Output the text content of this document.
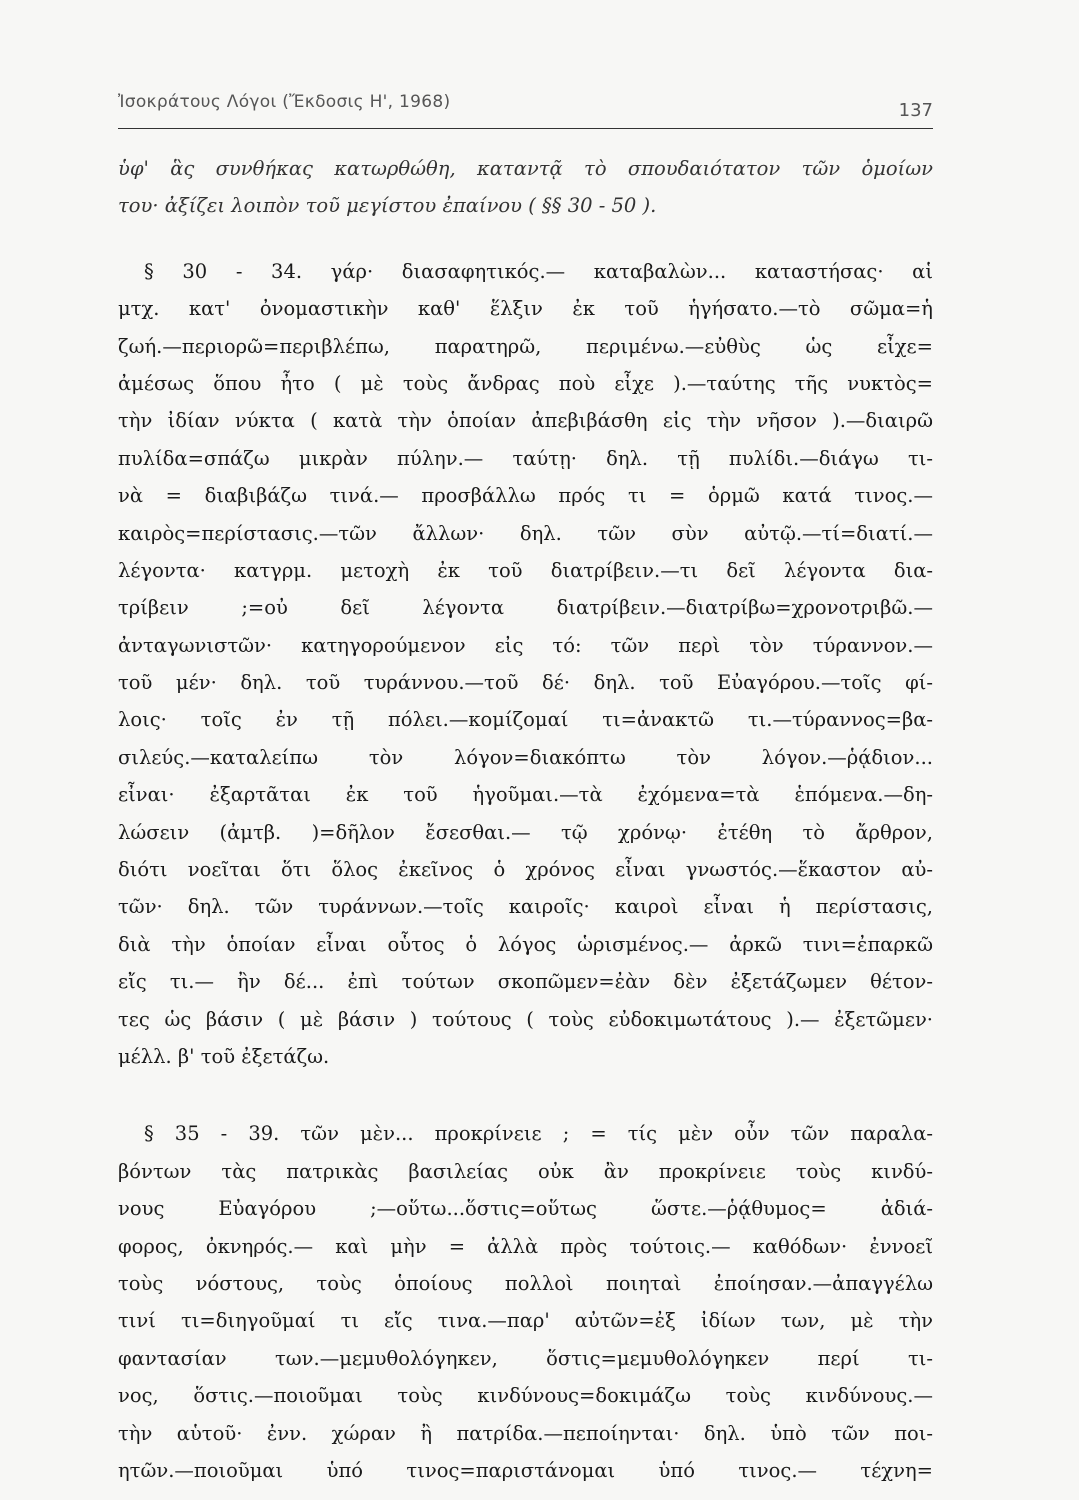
Ἰσοκράτους Λόγοι (Ἔκδοσις Η', 1968)	137
ὑφ' ἃς συνθήκας κατωρθώθη, καταντᾷ τὸ σπουδαιότατον τῶν ὁμοίων
του· ἀξίζει λοιπὸν τοῦ μεγίστου ἐπαίνου ( §§ 30 - 50 ).
§ 30 - 34. γάρ· διασαφητικός.— καταβαλὼν... καταστήσας· αἱ
μτχ. κατ' ὀνομαστικὴν καθ' ἕλξιν ἐκ τοῦ ἡγήσατο.—τὸ σῶμα=ἡ
ζωή.—περιορῶ=περιβλέπω, παρατηρῶ, περιμένω.—εὐθὺς ὡς εἶχε=
ἀμέσως ὅπου ἦτο ( μὲ τοὺς ἄνδρας ποὺ εἶχε ).—ταύτης τῆς νυκτὸς=
τὴν ἰδίαν νύκτα ( κατὰ τὴν ὁποίαν ἀπεβιβάσθη εἰς τὴν νῆσον ).—διαιρῶ
πυλίδα=σπάζω μικρὰν πύλην.— ταύτῃ· δηλ. τῇ πυλίδι.—διάγω τι-
νὰ = διαβιβάζω τινά.— προσβάλλω πρός τι = ὁρμῶ κατά τινος.—
καιρὸς=περίστασις.—τῶν ἄλλων· δηλ. τῶν σὺν αὐτῷ.—τί=διατί.—
λέγοντα· κατγρμ. μετοχὴ ἐκ τοῦ διατρίβειν.—τι δεῖ λέγοντα δια-
τρίβειν ;=οὐ δεῖ λέγοντα διατρίβειν.—διατρίβω=χρονοτριβῶ.—
ἀνταγωνιστῶν· κατηγορούμενον εἰς τό: τῶν περὶ τὸν τύραννον.—
τοῦ μέν· δηλ. τοῦ τυράννου.—τοῦ δέ· δηλ. τοῦ Εὐαγόρου.—τοῖς φί-
λοις· τοῖς ἐν τῇ πόλει.—κομίζομαί τι=ἀνακτῶ τι.—τύραννος=βα-
σιλεύς.—καταλείπω τὸν λόγον=διακόπτω τὸν λόγον.—ῥᾴδιον...
εἶναι· ἐξαρτᾶται ἐκ τοῦ ἡγοῦμαι.—τὰ ἐχόμενα=τὰ ἑπόμενα.—δη-
λώσειν (ἀμτβ. )=δῆλον ἔσεσθαι.— τῷ χρόνῳ· ἐτέθη τὸ ἄρθρον,
διότι νοεῖται ὅτι ὅλος ἐκεῖνος ὁ χρόνος εἶναι γνωστός.—ἕκαστον αὐ-
τῶν· δηλ. τῶν τυράννων.—τοῖς καιροῖς· καιροὶ εἶναι ἡ περίστασις,
διὰ τὴν ὁποίαν εἶναι οὗτος ὁ λόγος ὡρισμένος.— ἀρκῶ τινι=ἐπαρκῶ
εἴς τι.— ἢν δέ... ἐπὶ τούτων σκοπῶμεν=ἐὰν δὲν ἐξετάζωμεν θέτον-
τες ὡς βάσιν ( μὲ βάσιν ) τούτους ( τοὺς εὐδοκιμωτάτους ).— ἐξετῶμεν·
μέλλ. β' τοῦ ἐξετάζω.
§ 35 - 39. τῶν μὲν... προκρίνειε ; = τίς μὲν οὖν τῶν παραλα-
βόντων τὰς πατρικὰς βασιλείας οὐκ ἂν προκρίνειε τοὺς κινδύ-
νους Εὐαγόρου ;—οὕτω...ὅστις=οὕτως ὥστε.—ῥᾴθυμος= ἀδιά-
φορος, ὀκνηρός.— καὶ μὴν = ἀλλὰ πρὸς τούτοις.— καθόδων· ἐννοεῖ
τοὺς νόστους, τοὺς ὁποίους πολλοὶ ποιηταὶ ἐποίησαν.—ἀπαγγέλω
τινί τι=διηγοῦμαί τι εἴς τινα.—παρ' αὐτῶν=ἐξ ἰδίων των, μὲ τὴν
φαντασίαν των.—μεμυθολόγηκεν, ὅστις=μεμυθολόγηκεν περί τι-
νος, ὅστις.—ποιοῦμαι τοὺς κινδύνους=δοκιμάζω τοὺς κινδύνους.—
τὴν αὑτοῦ· ἐνν. χώραν ἢ πατρίδα.—πεποίηνται· δηλ. ὑπὸ τῶν ποι-
ητῶν.—ποιοῦμαι ὑπό τινος=παριστάνομαι ὑπό τινος.— τέχνη=
